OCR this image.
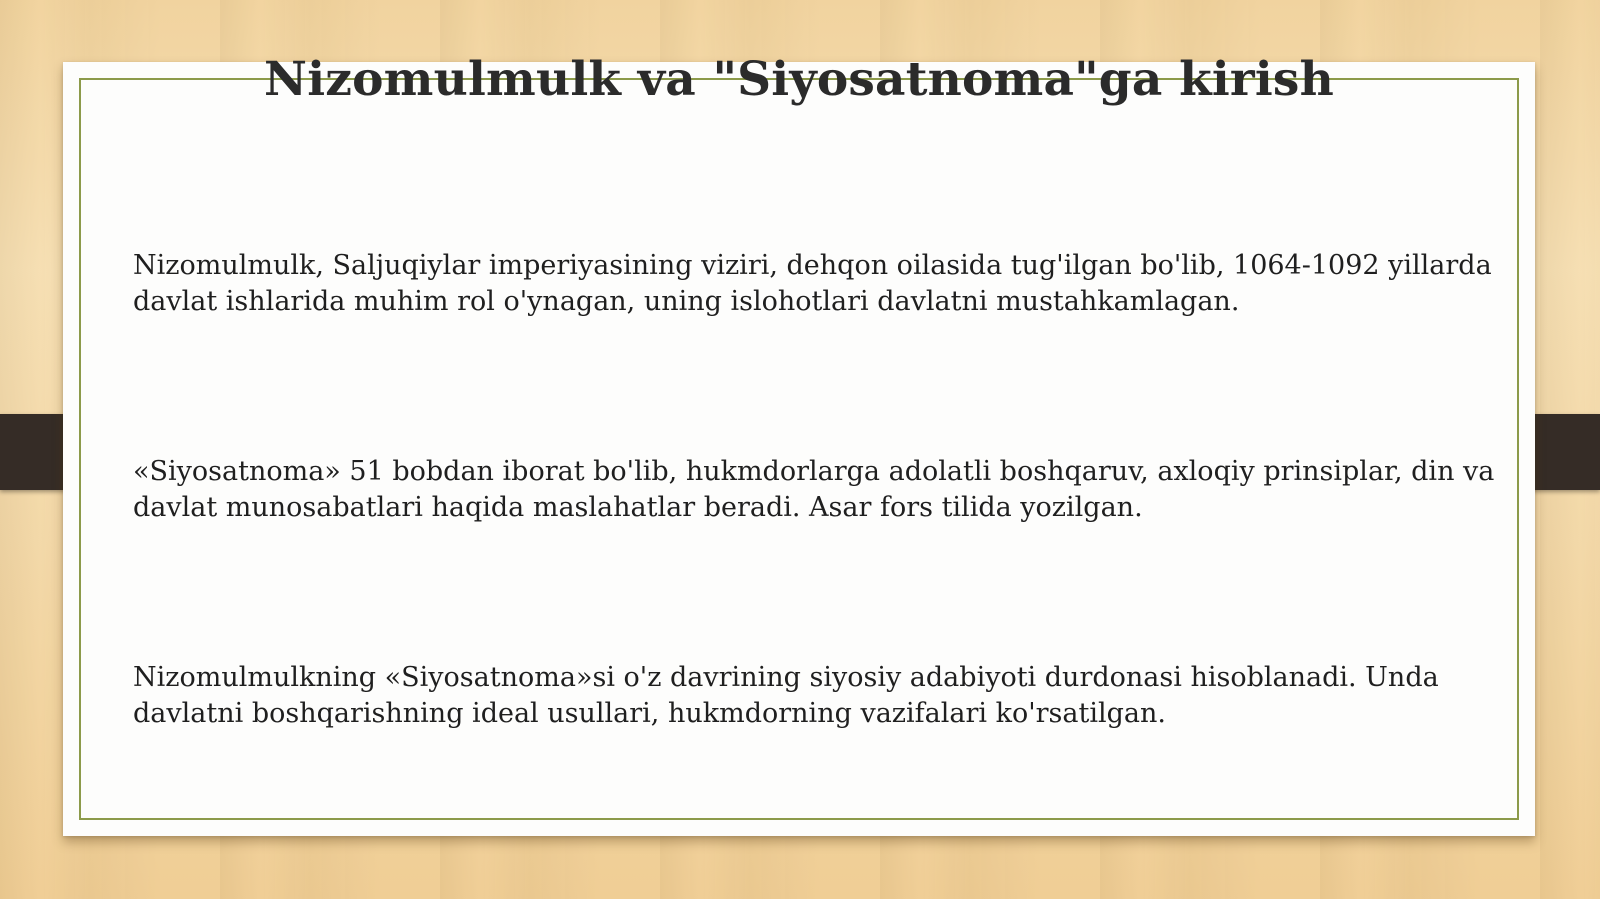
Nizomulmulk va "Siyosatnoma"ga kirish

Nizomulmulk, Saljuqiylar imperiyasining viziri, dehqon oilasida tug'ilgan bo'lib, 1064-1092 yillarda davlat ishlarida muhim rol o'ynagan, uning islohotlari davlatni mustahkamlagan.

«Siyosatnoma» 51 bobdan iborat bo'lib, hukmdorlarga adolatli boshqaruv, axloqiy prinsiplar, din va davlat munosabatlari haqida maslahatlar beradi. Asar fors tilida yozilgan.

Nizomulmulkning «Siyosatnoma»si o'z davrining siyosiy adabiyoti durdonasi hisoblanadi. Unda davlatni boshqarishning ideal usullari, hukmdorning vazifalari ko'rsatilgan.
